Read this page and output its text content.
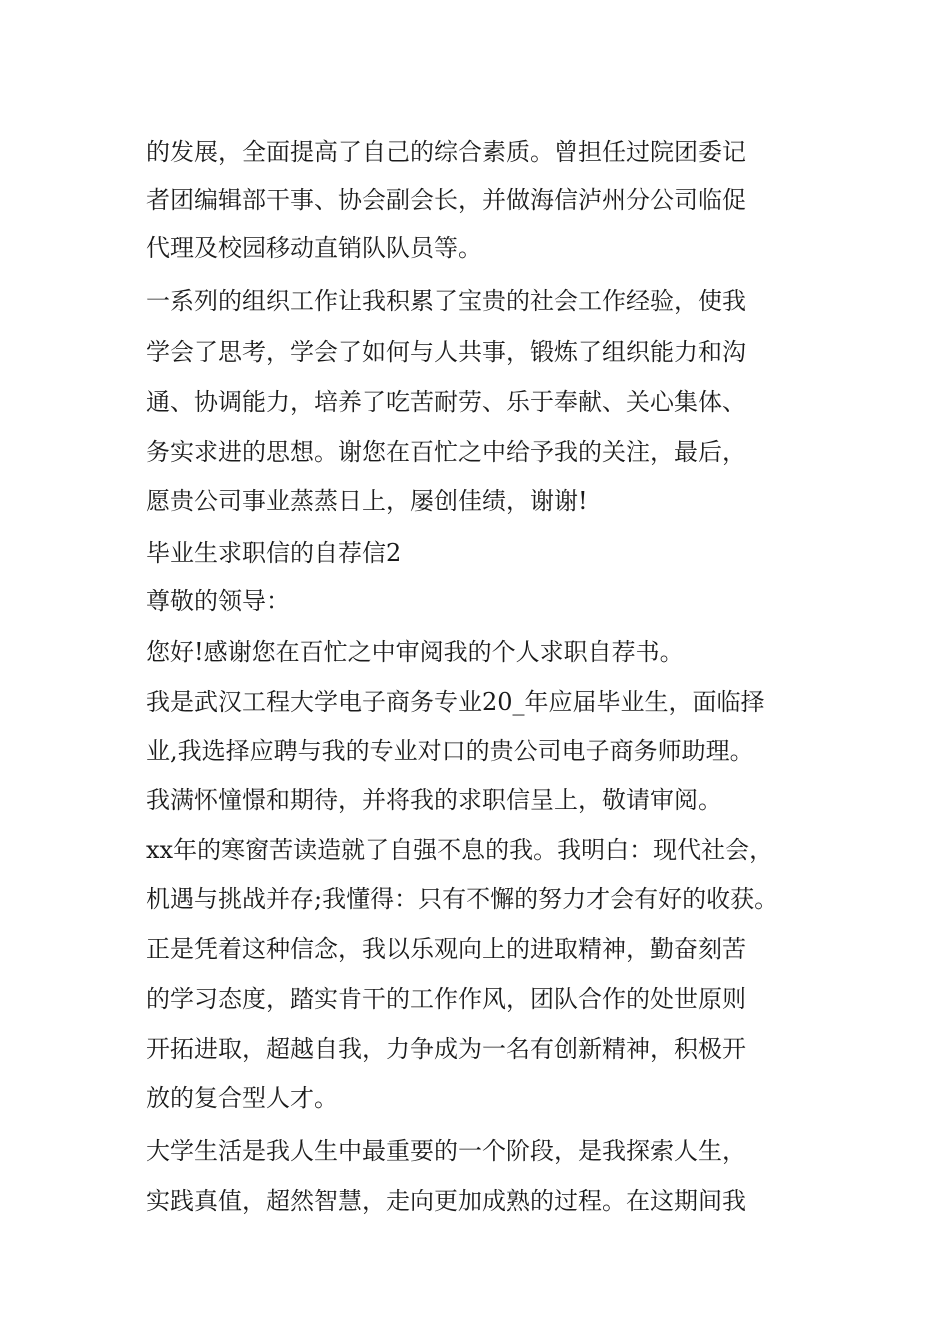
的发展，全面提高了自己的综合素质。曾担任过院团委记
者团编辑部干事、协会副会长，并做海信泸州分公司临促
代理及校园移动直销队队员等。
一系列的组织工作让我积累了宝贵的社会工作经验，使我
学会了思考，学会了如何与人共事，锻炼了组织能力和沟
通、协调能力，培养了吃苦耐劳、乐于奉献、关心集体、
务实求进的思想。谢您在百忙之中给予我的关注，最后，
愿贵公司事业蒸蒸日上，屡创佳绩，谢谢!
毕业生求职信的自荐信2
尊敬的领导：
您好!感谢您在百忙之中审阅我的个人求职自荐书。
我是武汉工程大学电子商务专业20_年应届毕业生，面临择
业,我选择应聘与我的专业对口的贵公司电子商务师助理。
我满怀憧憬和期待，并将我的求职信呈上，敬请审阅。
xx年的寒窗苦读造就了自强不息的我。我明白：现代社会，
机遇与挑战并存;我懂得：只有不懈的努力才会有好的收获。
正是凭着这种信念，我以乐观向上的进取精神，勤奋刻苦
的学习态度，踏实肯干的工作作风，团队合作的处世原则
开拓进取，超越自我，力争成为一名有创新精神，积极开
放的复合型人才。
大学生活是我人生中最重要的一个阶段，是我探索人生，
实践真值，超然智慧，走向更加成熟的过程。在这期间我
